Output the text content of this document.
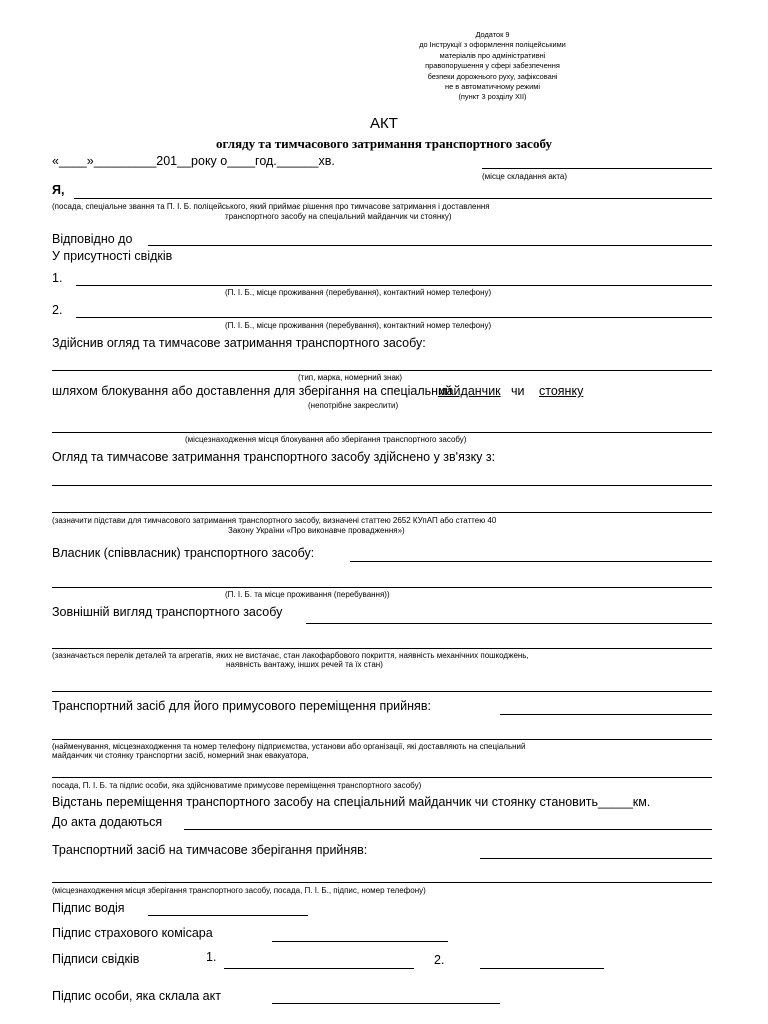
Додаток 9
до Інструкції з оформлення поліцейськими
матеріалів про адміністративні
правопорушення у сфері забезпечення
безпеки дорожнього руху, зафіксовані
не в автоматичному режимі
(пункт 3 розділу XII)
АКТ
огляду та тимчасового затримання транспортного засобу
«____»_________201__року о____год.______хв.
(місце складання акта)
Я,
(посада, спеціальне звання та П. І. Б. поліцейського, який приймає рішення про тимчасове затримання і доставлення
транспортного засобу на спеціальний майданчик чи стоянку)
Відповідно до
У присутності свідків
1.
(П. І. Б., місце проживання (перебування), контактний номер телефону)
2.
(П. І. Б., місце проживання (перебування), контактний номер телефону)
Здійснив огляд та тимчасове затримання транспортного засобу:
(тип, марка, номерний знак)
шляхом блокування або доставлення для зберігання на спеціальний
майданчик чи стоянку
(непотрібне закреслити)
(місцезнаходження місця блокування або зберігання транспортного засобу)
Огляд та тимчасове затримання транспортного засобу здійснено у зв'язку з:
(зазначити підстави для тимчасового затримання транспортного засобу, визначені статтею 2652 КУпАП або статтею 40
Закону України «Про виконавче провадження»)
Власник (співвласник) транспортного засобу:
(П. І. Б. та місце проживання (перебування))
Зовнішній вигляд транспортного засобу
(зазначається перелік деталей та агрегатів, яких не вистачає, стан лакофарбового покриття, наявність механічних пошкоджень,
наявність вантажу, інших речей та їх стан)
Транспортний засіб для його примусового переміщення прийняв:
(найменування, місцезнаходження та номер телефону підприємства, установи або організації, які доставляють на спеціальний
майданчик чи стоянку транспортни засіб, номерний знак евакуатора,
посада, П. І. Б. та підпис особи, яка здійснюватиме примусове переміщення транспортного засобу)
Відстань переміщення транспортного засобу на спеціальний майданчик чи стоянку становить_____км.
До акта додаються
Транспортний засіб на тимчасове зберігання прийняв:
(місцезнаходження місця зберігання транспортного засобу, посада, П. І. Б., підпис, номер телефону)
Підпис водія
Підпис страхового комісара
Підписи свідків	1.	2.
Підпис особи, яка склала акт
